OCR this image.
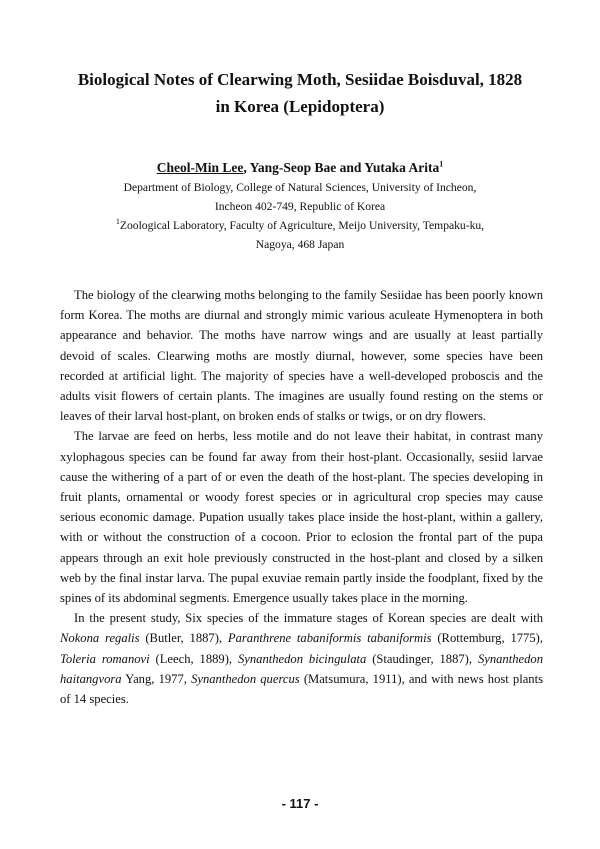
Biological Notes of Clearwing Moth, Sesiidae Boisduval, 1828
in Korea (Lepidoptera)
Cheol-Min Lee, Yang-Seop Bae and Yutaka Arita$^1$
Department of Biology, College of Natural Sciences, University of Incheon,
Incheon 402-749, Republic of Korea
$^1$Zoological Laboratory, Faculty of Agriculture, Meijo University, Tempaku-ku,
Nagoya, 468 Japan

The biology of the clearwing moths belonging to the family Sesiidae has been poorly known form Korea. The moths are diurnal and strongly mimic various aculeate Hymenoptera in both appearance and behavior. The moths have narrow wings and are usually at least partially devoid of scales. Clearwing moths are mostly diurnal, however, some species have been recorded at artificial light. The majority of species have a well-developed proboscis and the adults visit flowers of certain plants. The imagines are usually found resting on the stems or leaves of their larval host-plant, on broken ends of stalks or twigs, or on dry flowers.

The larvae are feed on herbs, less motile and do not leave their habitat, in contrast many xylophagous species can be found far away from their host-plant. Occasionally, sesiid larvae cause the withering of a part of or even the death of the host-plant. The species developing in fruit plants, ornamental or woody forest species or in agricultural crop species may cause serious economic damage. Pupation usually takes place inside the host-plant, within a gallery, with or without the construction of a cocoon. Prior to eclosion the frontal part of the pupa appears through an exit hole previously constructed in the host-plant and closed by a silken web by the final instar larva. The pupal exuviae remain partly inside the foodplant, fixed by the spines of its abdominal segments. Emergence usually takes place in the morning.

In the present study, Six species of the immature stages of Korean species are dealt with Nokona regalis (Butler, 1887), Paranthrene tabaniformis tabaniformis (Rottemburg, 1775), Toleria romanovi (Leech, 1889), Synanthedon bicingulata (Staudinger, 1887), Synanthedon haitangvora Yang, 1977, Synanthedon quercus (Matsumura, 1911), and with news host plants of 14 species.

- 117 -
